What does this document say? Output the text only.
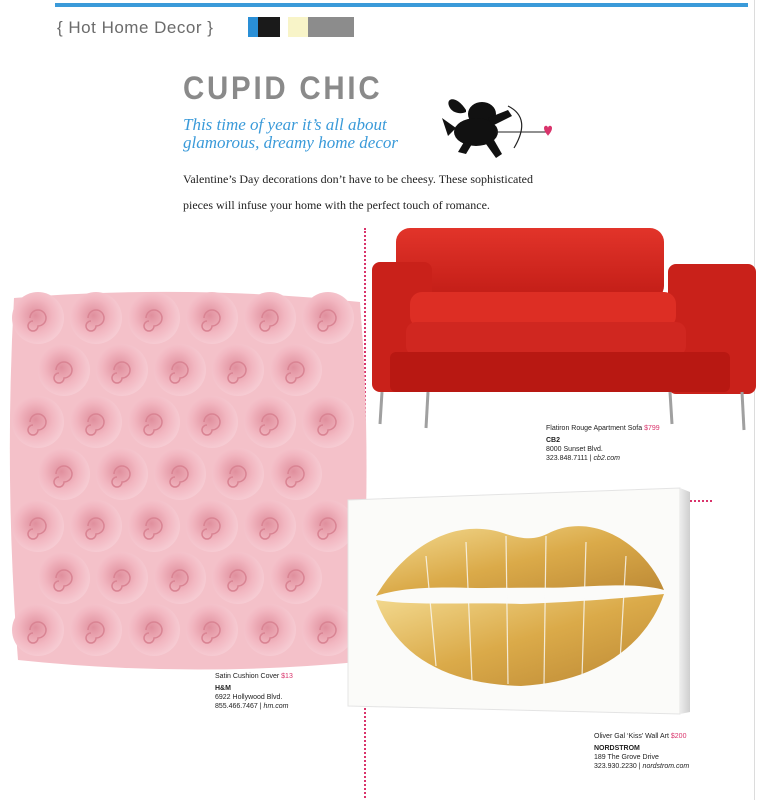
{ Hot Home Decor }
CUPID CHIC
This time of year it’s all about glamorous, dreamy home decor
Valentine’s Day decorations don’t have to be cheesy. These sophisticated pieces will infuse your home with the perfect touch of romance.
Flatiron Rouge Apartment Sofa $799
CB2
8000 Sunset Blvd.
323.848.7111 | cb2.com
Satin Cushion Cover $13
H&M
6922 Hollywood Blvd.
855.466.7467 | hm.com
Oliver Gal ‘Kiss’ Wall Art $200
NORDSTROM
189 The Grove Drive
323.930.2230 | nordstrom.com
